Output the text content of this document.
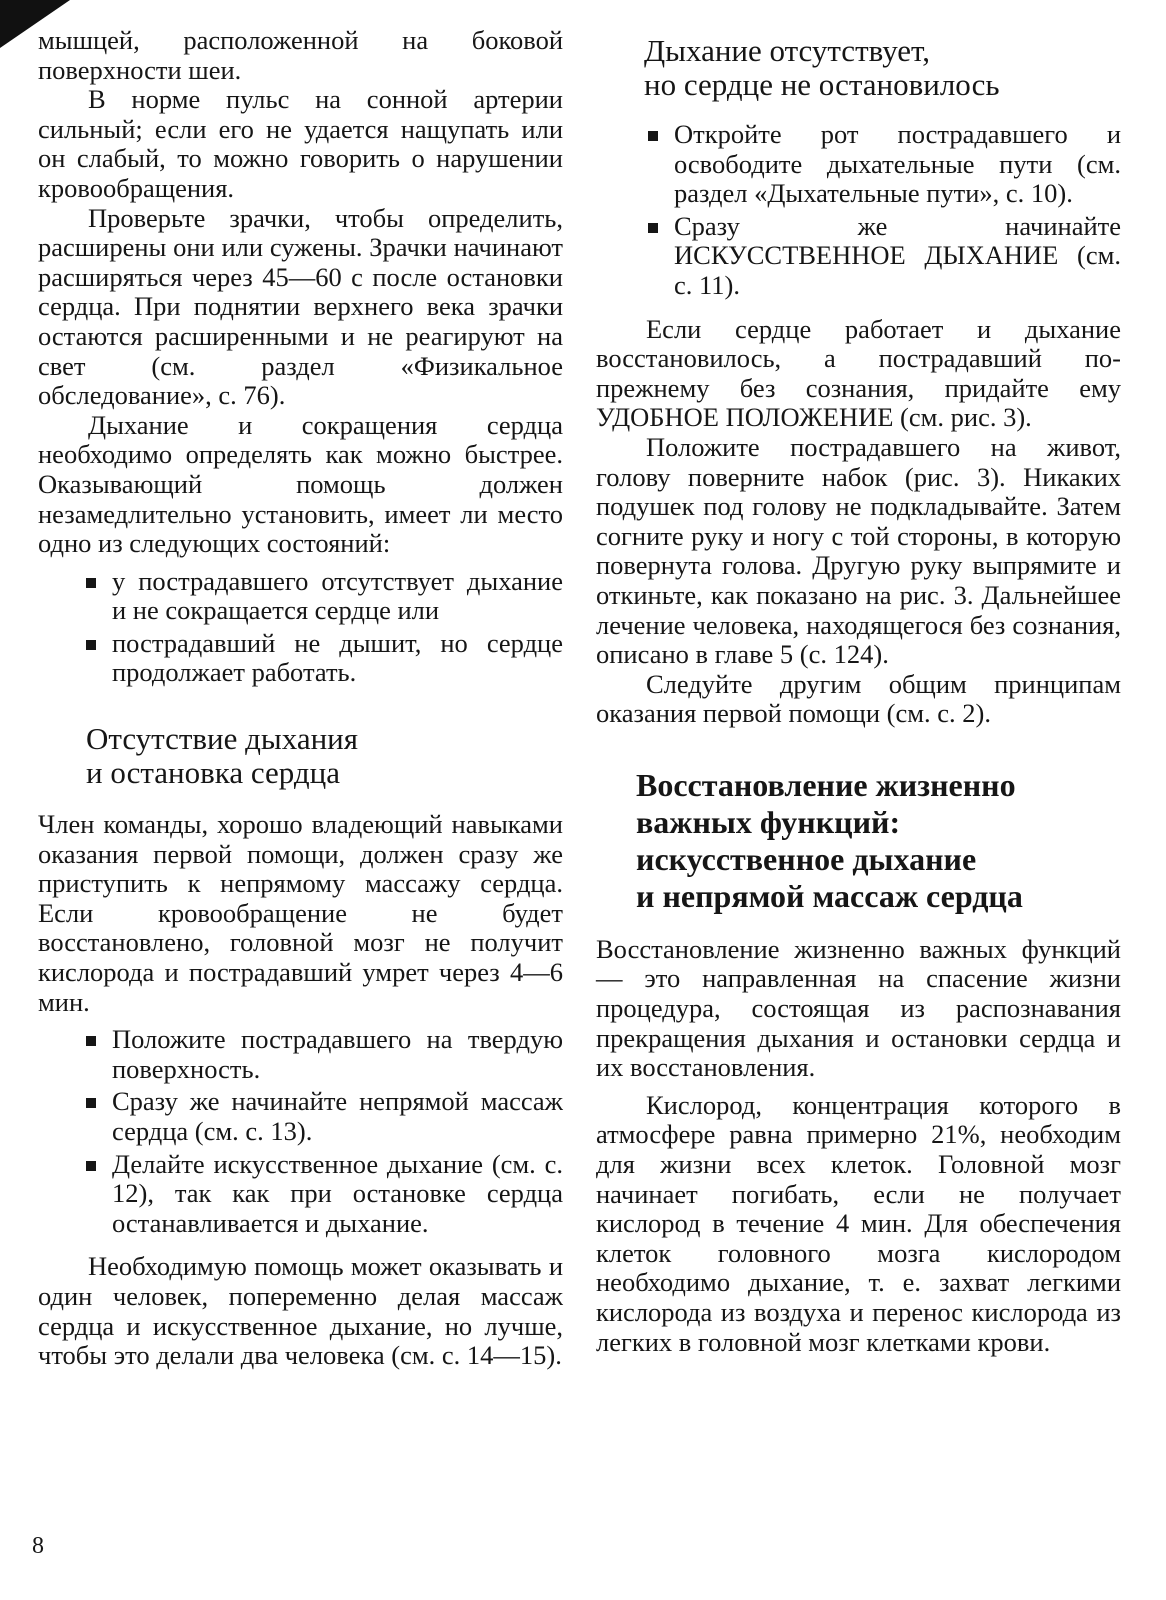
мышцей, расположенной на боковой поверхности шеи.

В норме пульс на сонной артерии сильный; если его не удается нащупать или он слабый, то можно говорить о нарушении кровообращения.

Проверьте зрачки, чтобы определить, расширены они или сужены. Зрачки начинают расширяться через 45—60 с после остановки сердца. При поднятии верхнего века зрачки остаются расширенными и не реагируют на свет (см. раздел «Физикальное обследование», с. 76).

Дыхание и сокращения сердца необходимо определять как можно быстрее. Оказывающий помощь должен незамедлительно установить, имеет ли место одно из следующих состояний:

у пострадавшего отсутствует дыхание и не сокращается сердце или
пострадавший не дышит, но сердце продолжает работать.
Отсутствие дыхания
и остановка сердца

Член команды, хорошо владеющий навыками оказания первой помощи, должен сразу же приступить к непрямому массажу сердца. Если кровообращение не будет восстановлено, головной мозг не получит кислорода и пострадавший умрет через 4—6 мин.

Положите пострадавшего на твердую поверхность.
Сразу же начинайте непрямой массаж сердца (см. с. 13).
Делайте искусственное дыхание (см. с. 12), так как при остановке сердца останавливается и дыхание.

Необходимую помощь может оказывать и один человек, попеременно делая массаж сердца и искусственное дыхание, но лучше, чтобы это делали два человека (см. с. 14—15).

Дыхание отсутствует,
но сердце не остановилось
Откройте рот пострадавшего и освободите дыхательные пути (см. раздел «Дыхательные пути», с. 10).
Сразу же начинайте ИСКУССТВЕННОЕ ДЫХАНИЕ (см. с. 11).

Если сердце работает и дыхание восстановилось, а пострадавший по-прежнему без сознания, придайте ему УДОБНОЕ ПОЛОЖЕНИЕ (см. рис. 3).

Положите пострадавшего на живот, голову поверните набок (рис. 3). Никаких подушек под голову не подкладывайте. Затем согните руку и ногу с той стороны, в которую повернута голова. Другую руку выпрямите и откиньте, как показано на рис. 3. Дальнейшее лечение человека, находящегося без сознания, описано в главе 5 (с. 124).

Следуйте другим общим принципам оказания первой помощи (см. с. 2).

Восстановление жизненно
важных функций:
искусственное дыхание
и непрямой массаж сердца

Восстановление жизненно важных функций — это направленная на спасение жизни процедура, состоящая из распознавания прекращения дыхания и остановки сердца и их восстановления.

Кислород, концентрация которого в атмосфере равна примерно 21%, необходим для жизни всех клеток. Головной мозг начинает погибать, если не получает кислород в течение 4 мин. Для обеспечения клеток головного мозга кислородом необходимо дыхание, т. е. захват легкими кислорода из воздуха и перенос кислорода из легких в головной мозг клетками крови.

8
